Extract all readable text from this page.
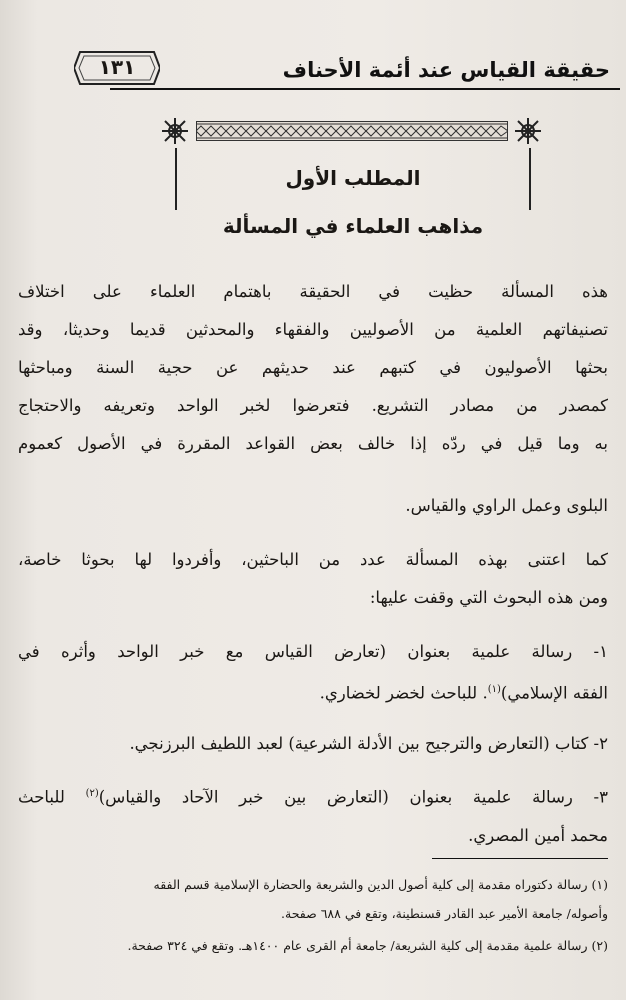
حقيقة القياس عند أئمة الأحناف
١٣١
المطلب الأول
مذاهب العلماء في المسألة
هذه المسألة حظيت في الحقيقة باهتمام العلماء على اختلاف
تصنيفاتهم العلمية من الأصوليين والفقهاء والمحدثين قديما وحديثا، وقد
بحثها الأصوليون في كتبهم عند حديثهم عن حجية السنة ومباحثها
كمصدر من مصادر التشريع. فتعرضوا لخبر الواحد وتعريفه والاحتجاج
به وما قيل في ردّه إذا خالف بعض القواعد المقررة في الأصول كعموم
البلوى وعمل الراوي والقياس.
كما اعتنى بهذه المسألة عدد من الباحثين، وأفردوا لها بحوثا خاصة،
ومن هذه البحوث التي وقفت عليها:
١- رسالة علمية بعنوان (تعارض القياس مع خبر الواحد وأثره في
الفقه الإسلامي)$^{(١)}$. للباحث لخضر لخضاري.
٢- كتاب (التعارض والترجيح بين الأدلة الشرعية) لعبد اللطيف البرزنجي.
٣- رسالة علمية بعنوان (التعارض بين خبر الآحاد والقياس)$^{(٢)}$ للباحث
محمد أمين المصري.
(١) رسالة دكتوراه مقدمة إلى كلية أصول الدين والشريعة والحضارة الإسلامية قسم الفقه
وأصوله/ جامعة الأمير عبد القادر قسنطينة، وتقع في ٦٨٨ صفحة.
(٢) رسالة علمية مقدمة إلى كلية الشريعة/ جامعة أم القرى عام ١٤٠٠هـ. وتقع في ٣٢٤ صفحة.
